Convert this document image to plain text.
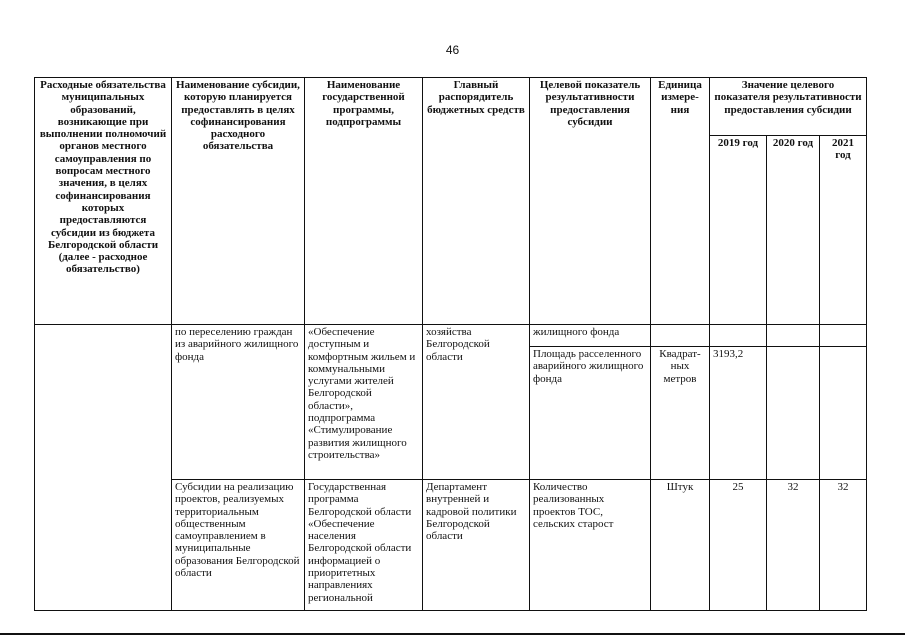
46
Расходные обязательства муниципальных образований, возникающие при выполнении полномочий органов местного самоуправления по вопросам местного значения, в целях софинансирования которых предоставляются субсидии из бюджета Белгородской области (далее - расходное обязательство)	Наименование субсидии, которую планируется предоставлять в целях софинансирования расходного обязательства	Наименование государственной программы, подпрограммы	Главный распорядитель бюджетных средств	Целевой показатель результативности предоставления субсидии	Единица измере-ния	Значение целевого показателя результативности предоставления субсидии		
						2019 год	2020 год	2021 год
	по переселению граждан из аварийного жилищного фонда	«Обеспечение доступным и комфортным жильем и коммунальными услугами жителей Белгородской области», подпрограмма «Стимулирование развития жилищного строительства»	хозяйства Белгородской области	жилищного фонда				
				Площадь расселенного аварийного жилищного фонда	Квадрат-ных метров	3193,2		
	Субсидии на реализацию проектов, реализуемых территориальным общественным самоуправлением в муниципальные образования Белгородской области	Государственная программа Белгородской области «Обеспечение населения Белгородской области информацией о приоритетных направлениях региональной	Департамент внутренней и кадровой политики Белгородской области	Количество реализованных проектов ТОС, сельских старост	Штук	25	32	32
